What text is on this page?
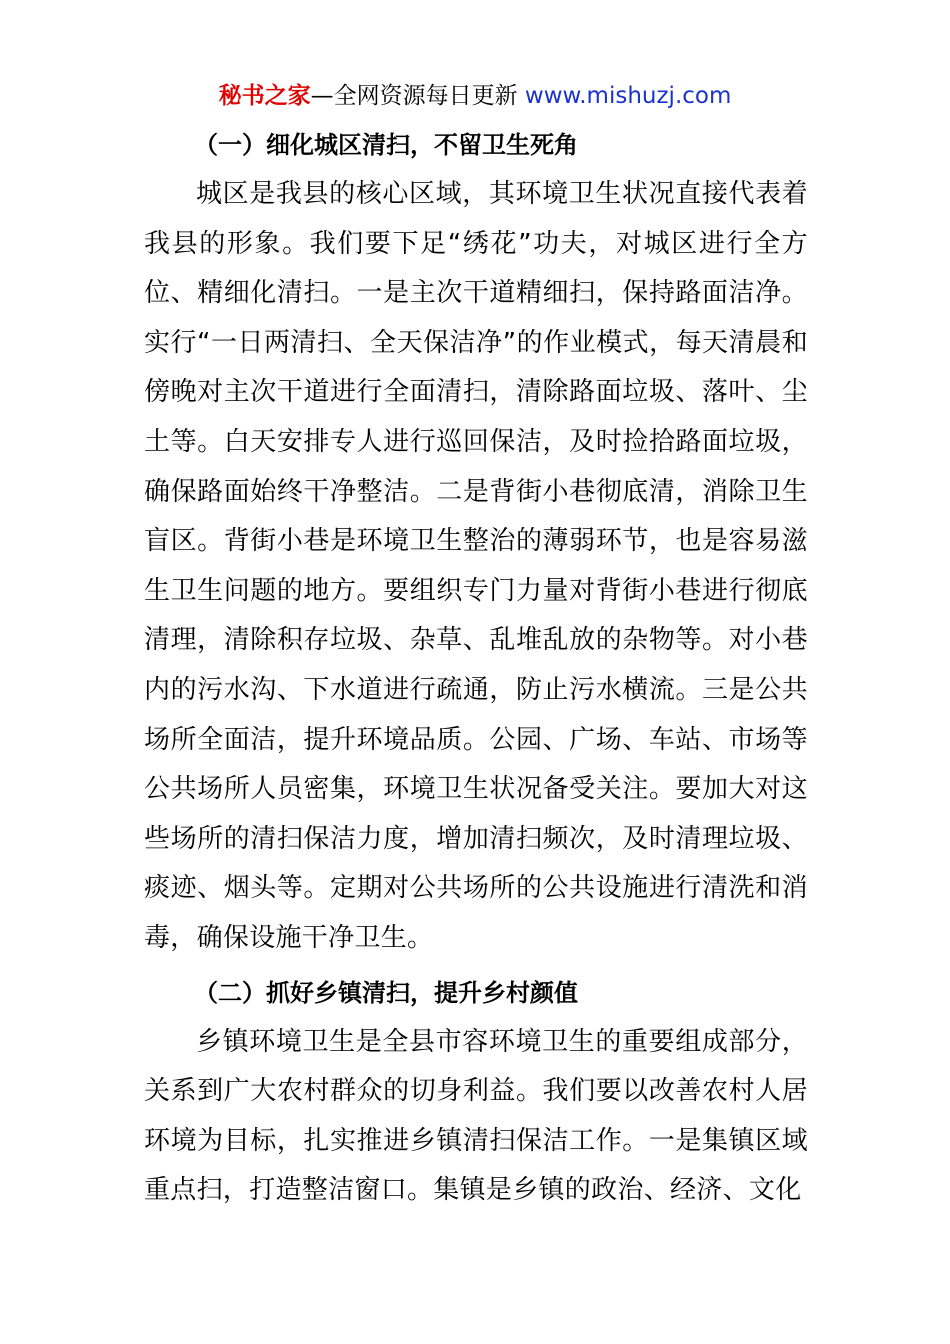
秘书之家—全网资源每日更新 www.mishuzj.com
（一）细化城区清扫，不留卫生死角

城区是我县的核心区域，其环境卫生状况直接代表着我县的形象。我们要下足“绣花”功夫，对城区进行全方位、精细化清扫。一是主次干道精细扫，保持路面洁净。实行“一日两清扫、全天保洁净”的作业模式，每天清晨和傍晚对主次干道进行全面清扫，清除路面垃圾、落叶、尘土等。白天安排专人进行巡回保洁，及时捡拾路面垃圾，确保路面始终干净整洁。二是背街小巷彻底清，消除卫生盲区。背街小巷是环境卫生整治的薄弱环节，也是容易滋生卫生问题的地方。要组织专门力量对背街小巷进行彻底清理，清除积存垃圾、杂草、乱堆乱放的杂物等。对小巷内的污水沟、下水道进行疏通，防止污水横流。三是公共场所全面洁，提升环境品质。公园、广场、车站、市场等公共场所人员密集，环境卫生状况备受关注。要加大对这些场所的清扫保洁力度，增加清扫频次，及时清理垃圾、痰迹、烟头等。定期对公共场所的公共设施进行清洗和消毒，确保设施干净卫生。

（二）抓好乡镇清扫，提升乡村颜值

乡镇环境卫生是全县市容环境卫生的重要组成部分，关系到广大农村群众的切身利益。我们要以改善农村人居环境为目标，扎实推进乡镇清扫保洁工作。一是集镇区域重点扫，打造整洁窗口。集镇是乡镇的政治、经济、文化
